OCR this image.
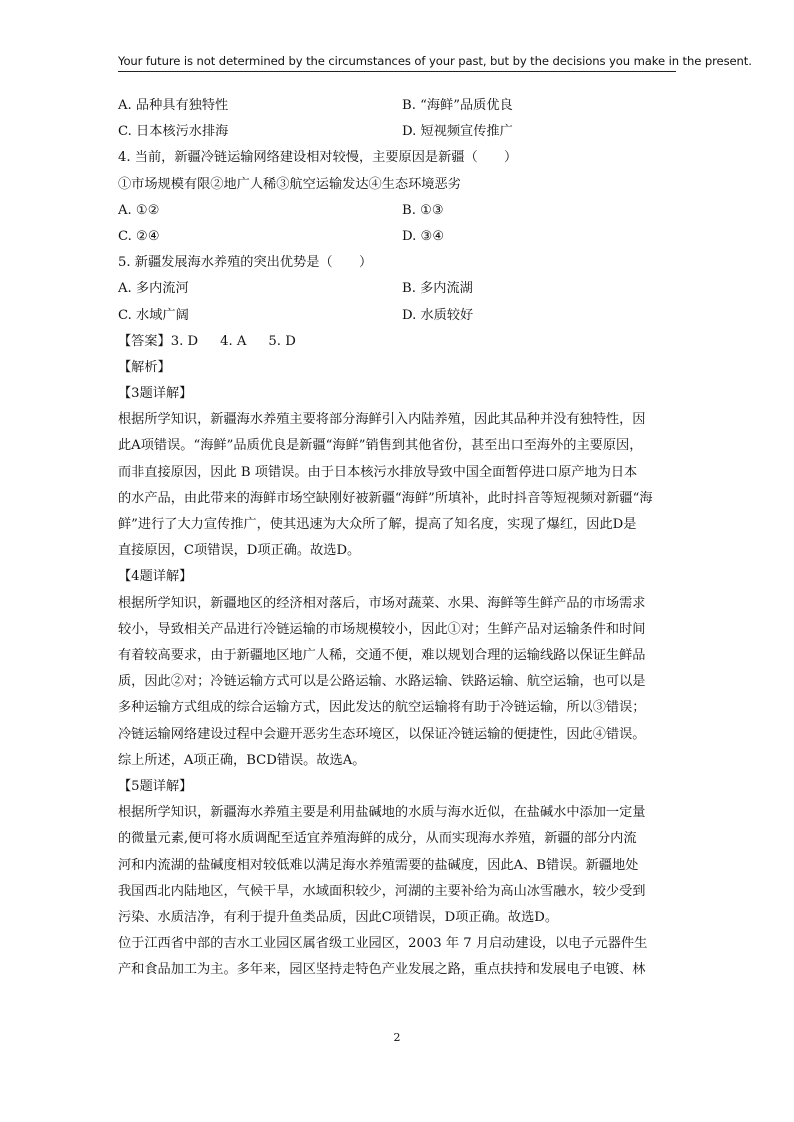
Your future is not determined by the circumstances of your past, but by the decisions you make in the present.
A. 品种具有独特性	B. “海鲜”品质优良
C. 日本核污水排海	D. 短视频宣传推广
4. 当前，新疆冷链运输网络建设相对较慢，主要原因是新疆（　　）
①市场规模有限②地广人稀③航空运输发达④生态环境恶劣
A. ①②	B. ①③
C. ②④	D. ③④
5. 新疆发展海水养殖的突出优势是（　　）
A. 多内流河	B. 多内流湖
C. 水域广阔	D. 水质较好
【答案】3. D 4. A 5. D
【解析】
【3题详解】
根据所学知识，新疆海水养殖主要将部分海鲜引入内陆养殖，因此其品种并没有独特性，因
此A项错误。“海鲜”品质优良是新疆“海鲜”销售到其他省份，甚至出口至海外的主要原因，
而非直接原因，因此 B 项错误。由于日本核污水排放导致中国全面暂停进口原产地为日本
的水产品，由此带来的海鲜市场空缺刚好被新疆“海鲜”所填补，此时抖音等短视频对新疆“海
鲜”进行了大力宣传推广，使其迅速为大众所了解，提高了知名度，实现了爆红，因此D是
直接原因，C项错误，D项正确。故选D。
【4题详解】
根据所学知识，新疆地区的经济相对落后，市场对蔬菜、水果、海鲜等生鲜产品的市场需求
较小，导致相关产品进行冷链运输的市场规模较小，因此①对；生鲜产品对运输条件和时间
有着较高要求，由于新疆地区地广人稀，交通不便，难以规划合理的运输线路以保证生鲜品
质，因此②对；冷链运输方式可以是公路运输、水路运输、铁路运输、航空运输，也可以是
多种运输方式组成的综合运输方式，因此发达的航空运输将有助于冷链运输，所以③错误；
冷链运输网络建设过程中会避开恶劣生态环境区，以保证冷链运输的便捷性，因此④错误。
综上所述，A项正确，BCD错误。故选A。
【5题详解】
根据所学知识，新疆海水养殖主要是利用盐碱地的水质与海水近似，在盐碱水中添加一定量
的微量元素,便可将水质调配至适宜养殖海鲜的成分，从而实现海水养殖，新疆的部分内流
河和内流湖的盐碱度相对较低难以满足海水养殖需要的盐碱度，因此A、B错误。新疆地处
我国西北内陆地区，气候干旱，水域面积较少，河湖的主要补给为高山冰雪融水，较少受到
污染、水质洁净，有利于提升鱼类品质，因此C项错误，D项正确。故选D。
位于江西省中部的吉水工业园区属省级工业园区，2003 年 7 月启动建设，以电子元器件生
产和食品加工为主。多年来，园区坚持走特色产业发展之路，重点扶持和发展电子电镀、林
2
